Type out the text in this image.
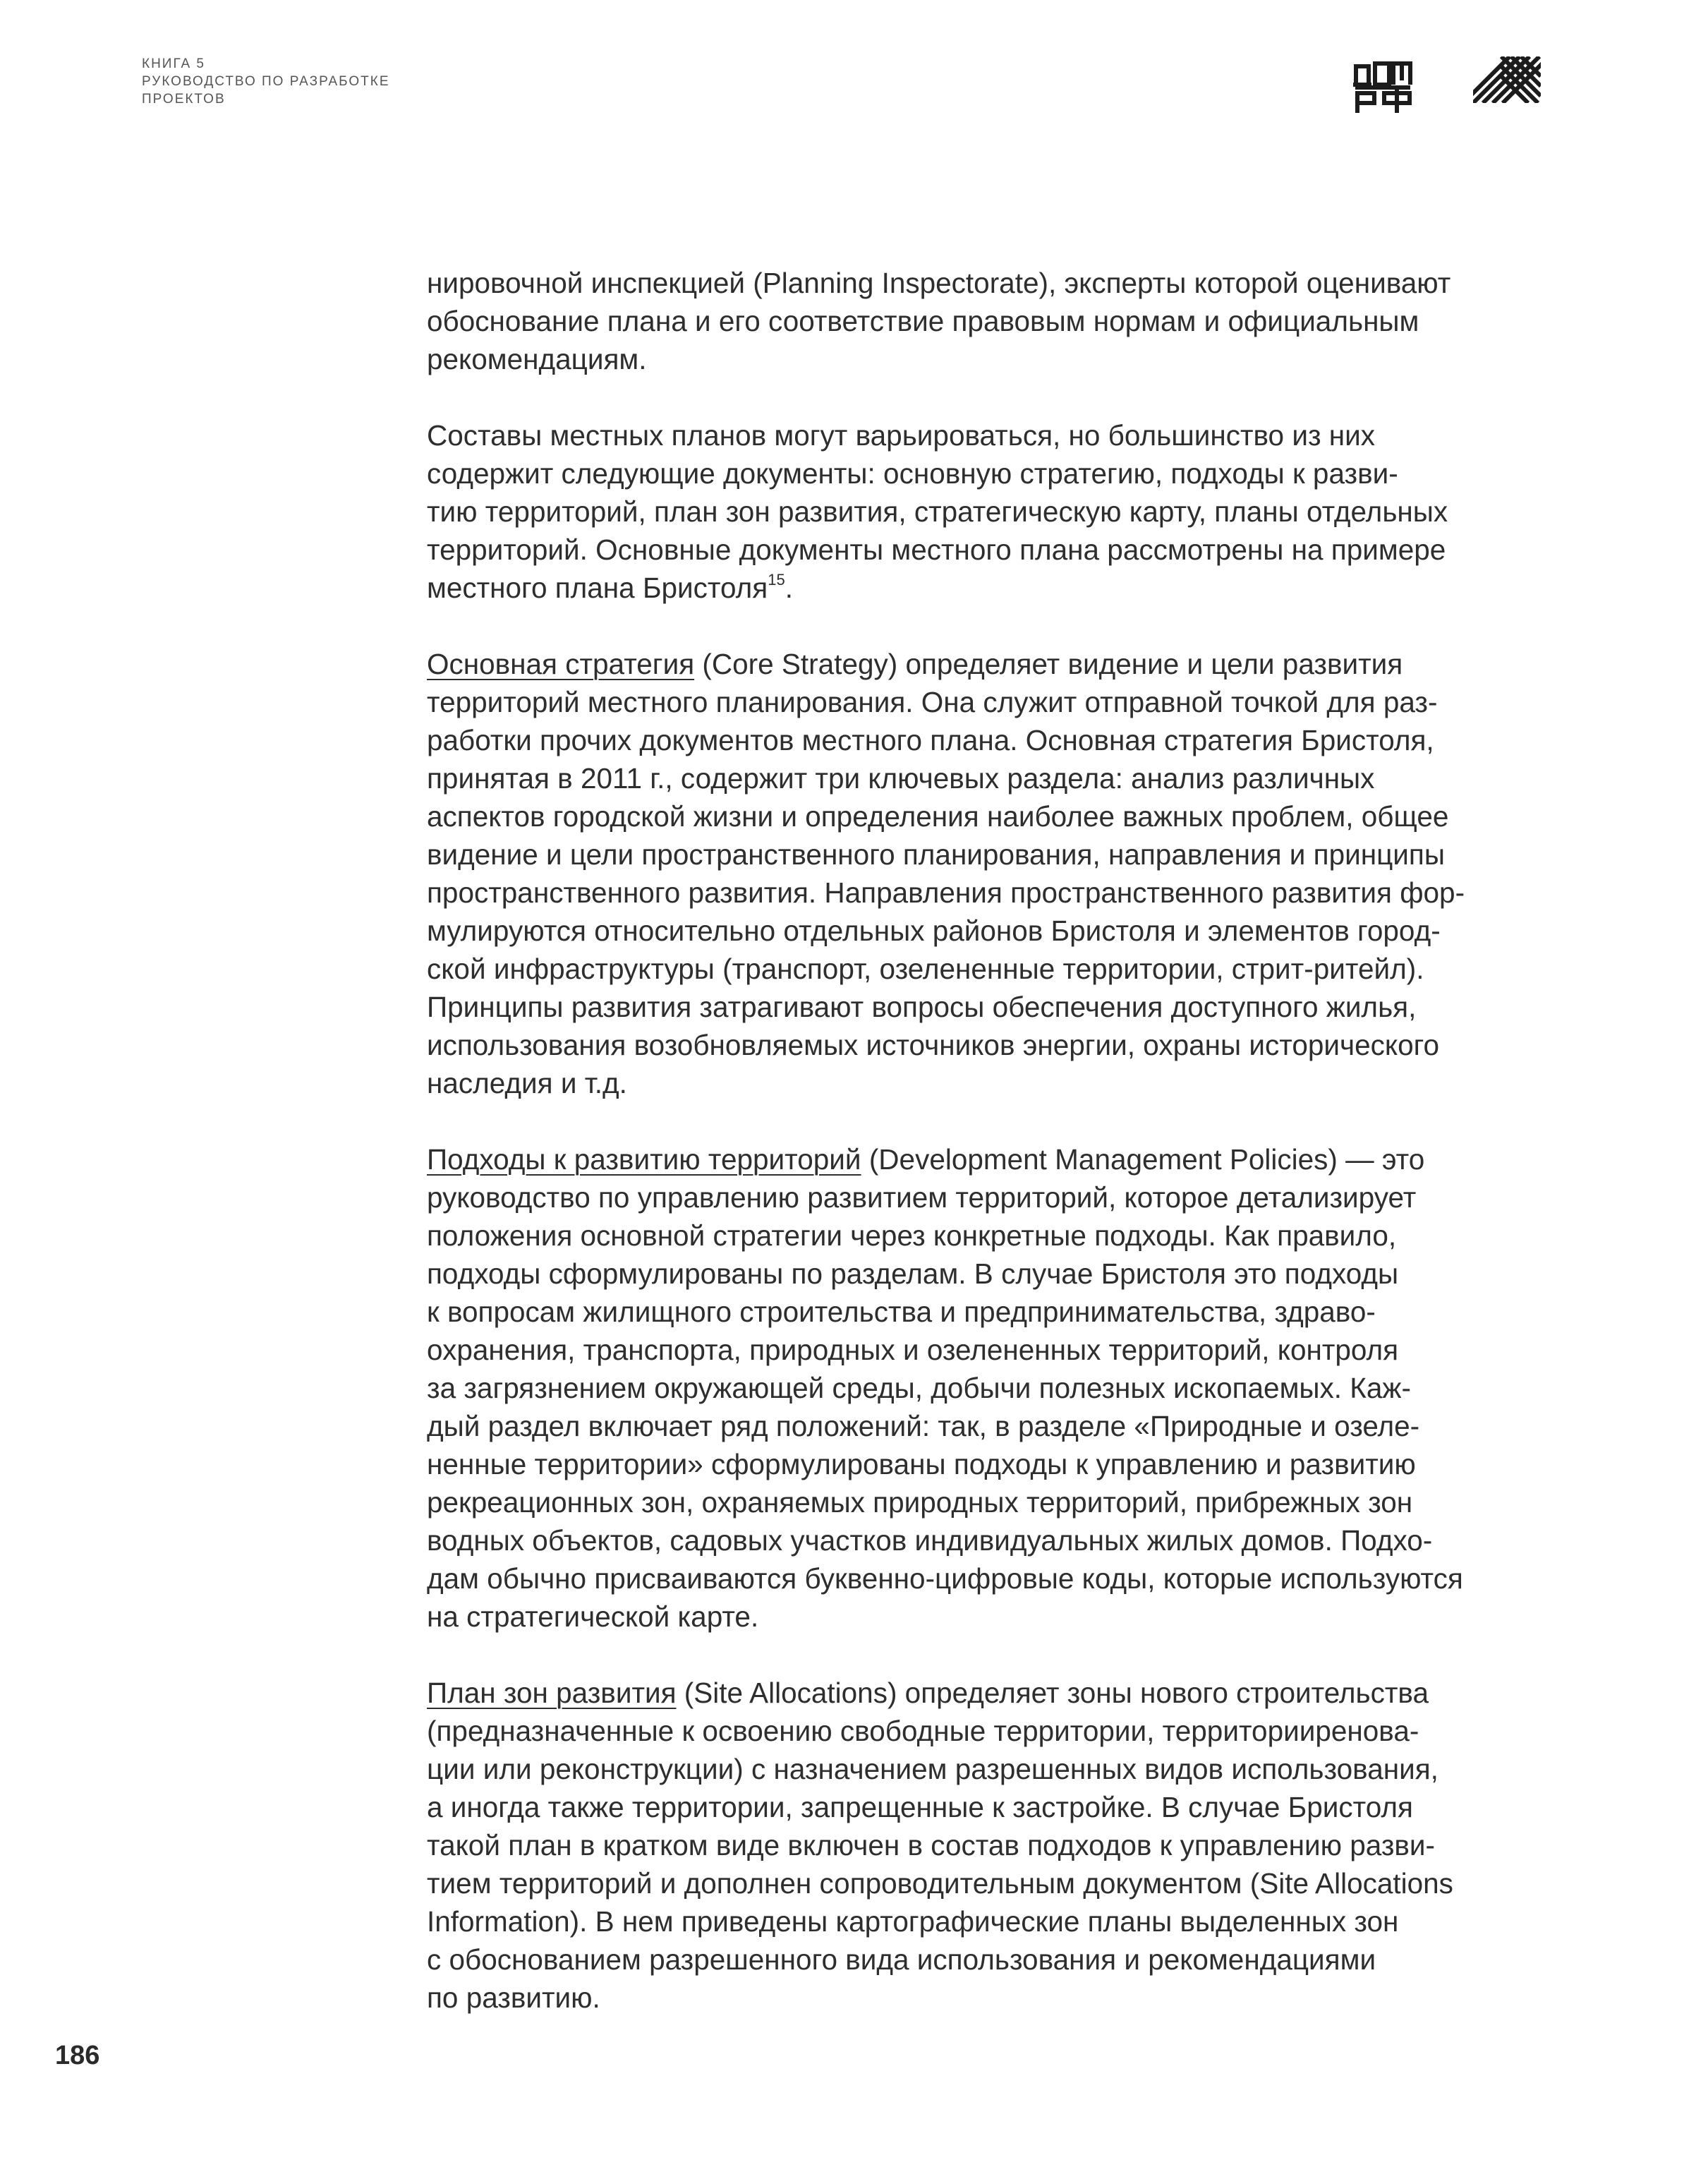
КНИГА 5
РУКОВОДСТВО ПО РАЗРАБОТКЕ
ПРОЕКТОВ

нировочной инспекцией (Planning Inspectorate), эксперты которой оценивают
обоснование плана и его соответствие правовым нормам и официальным
рекомендациям.

Составы местных планов могут варьироваться, но большинство из них
содержит следующие документы: основную стратегию, подходы к разви-
тию территорий, план зон развития, стратегическую карту, планы отдельных
территорий. Основные документы местного плана рассмотрены на примере
местного плана Бристоля$^{15}$.

Основная стратегия (Core Strategy) определяет видение и цели развития
территорий местного планирования. Она служит отправной точкой для раз-
работки прочих документов местного плана. Основная стратегия Бристоля,
принятая в 2011 г., содержит три ключевых раздела: анализ различных
аспектов городской жизни и определения наиболее важных проблем, общее
видение и цели пространственного планирования, направления и принципы
пространственного развития. Направления пространственного развития фор-
мулируются относительно отдельных районов Бристоля и элементов город-
ской инфраструктуры (транспорт, озелененные территории, стрит-ритейл).
Принципы развития затрагивают вопросы обеспечения доступного жилья,
использования возобновляемых источников энергии, охраны исторического
наследия и т.д.

Подходы к развитию территорий (Development Management Policies) — это
руководство по управлению развитием территорий, которое детализирует
положения основной стратегии через конкретные подходы. Как правило,
подходы сформулированы по разделам. В случае Бристоля это подходы
к вопросам жилищного строительства и предпринимательства, здраво-
охранения, транспорта, природных и озелененных территорий, контроля
за загрязнением окружающей среды, добычи полезных ископаемых. Каж-
дый раздел включает ряд положений: так, в разделе «Природные и озеле-
ненные территории» сформулированы подходы к управлению и развитию
рекреационных зон, охраняемых природных территорий, прибрежных зон
водных объектов, садовых участков индивидуальных жилых домов. Подхо-
дам обычно присваиваются буквенно-цифровые коды, которые используются
на стратегической карте.

План зон развития (Site Allocations) определяет зоны нового строительства
(предназначенные к освоению свободные территории, территорииренова-
ции или реконструкции) с назначением разрешенных видов использования,
а иногда также территории, запрещенные к застройке. В случае Бристоля
такой план в кратком виде включен в состав подходов к управлению разви-
тием территорий и дополнен сопроводительным документом (Site Allocations
Information). В нем приведены картографические планы выделенных зон
с обоснованием разрешенного вида использования и рекомендациями
по развитию.

186
